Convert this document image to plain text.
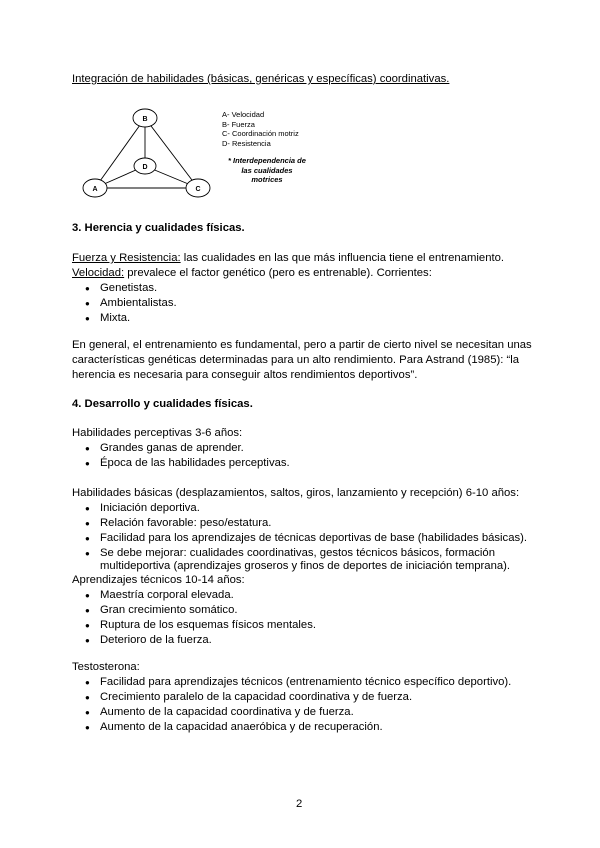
Integración de habilidades (básicas, genéricas y específicas) coordinativas.
B
D
A	C
A- Velocidad
B- Fuerza
C- Coordinación motriz
D- Resistencia
* Interdependencia de
las cualidades
motrices
3. Herencia y cualidades físicas.
Fuerza y Resistencia: las cualidades en las que más influencia tiene el entrenamiento.
Velocidad: prevalece el factor genético (pero es entrenable). Corrientes:
● Genetistas.
● Ambientalistas.
● Mixta.
En general, el entrenamiento es fundamental, pero a partir de cierto nivel se necesitan unas
características genéticas determinadas para un alto rendimiento. Para Astrand (1985): “la
herencia es necesaria para conseguir altos rendimientos deportivos”.
4. Desarrollo y cualidades físicas.
Habilidades perceptivas 3-6 años:
● Grandes ganas de aprender.
● Época de las habilidades perceptivas.
Habilidades básicas (desplazamientos, saltos, giros, lanzamiento y recepción) 6-10 años:
● Iniciación deportiva.
● Relación favorable: peso/estatura.
● Facilidad para los aprendizajes de técnicas deportivas de base (habilidades básicas).
● Se debe mejorar: cualidades coordinativas, gestos técnicos básicos, formación
multideportiva (aprendizajes groseros y finos de deportes de iniciación temprana).
Aprendizajes técnicos 10-14 años:
● Maestría corporal elevada.
● Gran crecimiento somático.
● Ruptura de los esquemas físicos mentales.
● Deterioro de la fuerza.
Testosterona:
● Facilidad para aprendizajes técnicos (entrenamiento técnico específico deportivo).
● Crecimiento paralelo de la capacidad coordinativa y de fuerza.
● Aumento de la capacidad coordinativa y de fuerza.
● Aumento de la capacidad anaeróbica y de recuperación.
2
